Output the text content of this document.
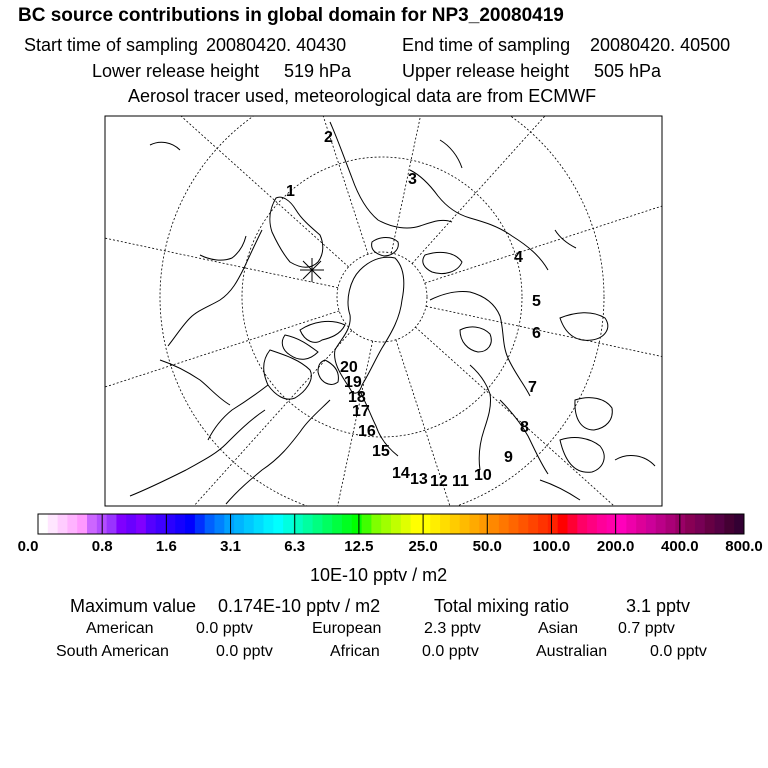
BC source contributions in global domain for NP3_20080419
Start time of sampling 20080420. 40430	End time of sampling 20080420. 40500
Lower release height 519 hPa	Upper release height 505 hPa
Aerosol tracer used, meteorological data are from ECMWF
1
2
3
4
5
6
7
8
9
10
11
12
13
14
15
16
17
18
19
20
0.0	0.8	1.6	3.1	6.3	12.5 25.0 50.0 100.0 200.0 400.0 800.0
10E-10 pptv / m2
Maximum value 0.174E-10 pptv / m2	Total mixing ratio	3.1 pptv
American	0.0 pptv	European	2.3 pptv	Asian 0.7 pptv
South American	0.0 pptv	African	0.0 pptv	Australian	0.0 pptv
